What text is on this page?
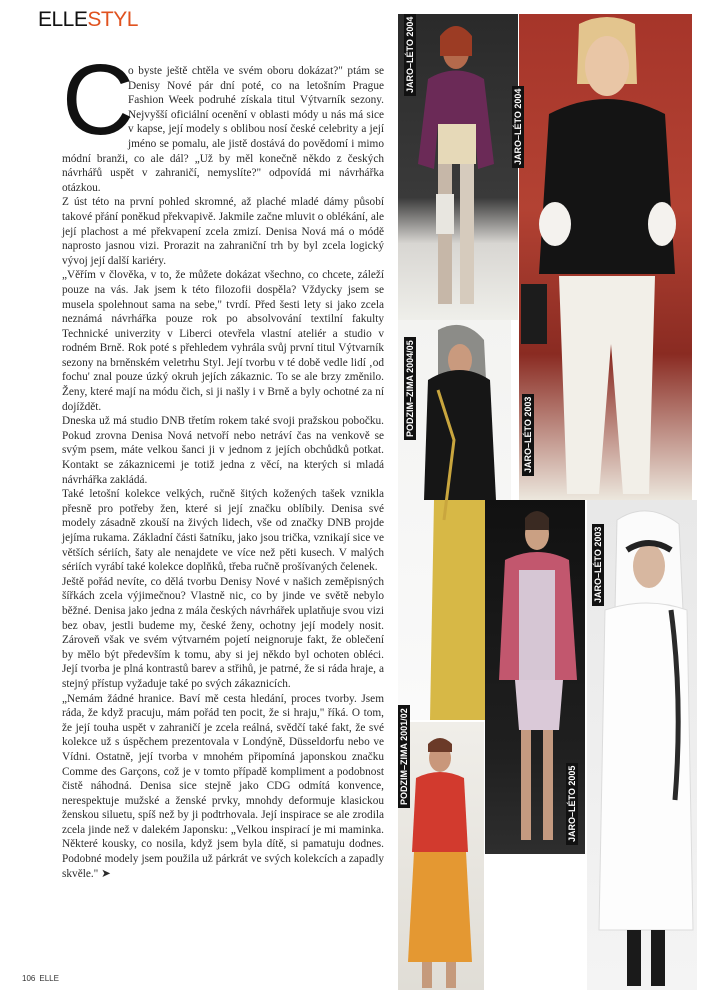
ELLESTYL
C

o byste ještě chtěla ve svém oboru dokázat?" ptám se Denisy Nové pár dní poté, co na letošním Prague Fashion Week podruhé získala titul Výtvarník sezony. Nejvyšší oficiální ocenění v oblasti módy u nás má sice v kapse, její modely s oblibou nosí české celebrity a její jméno se pomalu, ale jistě dostává do povědomí i mimo módní branži, co ale dál? „Už by měl konečně někdo z českých návrhářů uspět v zahraničí, nemyslíte?" odpovídá mi návrhářka otázkou.

Z úst této na první pohled skromné, až plaché mladé dámy působí takové přání poněkud překvapivě. Jakmile začne mluvit o oblékání, ale její plachost a mé překvapení zcela zmizí. Denisa Nová má o módě naprosto jasnou vizi. Prorazit na zahraniční trh by byl zcela logický vývoj její další kariéry.

„Věřím v člověka, v to, že můžete dokázat všechno, co chcete, záleží pouze na vás. Jak jsem k této filozofii dospěla? Vždycky jsem se musela spolehnout sama na sebe," tvrdí. Před šesti lety si jako zcela neznámá návrhářka pouze rok po absolvování textilní fakulty Technické univerzity v Liberci otevřela vlastní ateliér a studio v rodném Brně. Rok poté s přehledem vyhrála svůj první titul Výtvarník sezony na brněnském veletrhu Styl. Její tvorbu v té době vedle lidí ‚od fochu' znal pouze úzký okruh jejích zákaznic. To se ale brzy změnilo. Ženy, které mají na módu čich, si ji našly i v Brně a byly ochotné za ní dojíždět.

Dneska už má studio DNB třetím rokem také svoji pražskou pobočku. Pokud zrovna Denisa Nová netvoří nebo netráví čas na venkově se svým psem, máte velkou šanci ji v jednom z jejích obchůdků potkat. Kontakt se zákaznicemi je totiž jedna z věcí, na kterých si mladá návrhářka zakládá.

Také letošní kolekce velkých, ručně šitých kožených tašek vznikla přesně pro potřeby žen, které si její značku oblíbily. Denisa své modely zásadně zkouší na živých lidech, vše od značky DNB projde jejíma rukama. Základní části šatníku, jako jsou trička, vznikají sice ve větších sériích, šaty ale nenajdete ve více než pěti kusech. V malých sériích vyrábí také kolekce doplňků, třeba ručně prošívaných čelenek.

Ještě pořád nevíte, co dělá tvorbu Denisy Nové v našich zeměpisných šířkách zcela výjimečnou? Vlastně nic, co by jinde ve světě nebylo běžné. Denisa jako jedna z mála českých návrhářek uplatňuje svou vizi bez obav, jestli budeme my, české ženy, ochotny její modely nosit. Zároveň však ve svém výtvarném pojetí neignoruje fakt, že oblečení by mělo být především k tomu, aby si jej někdo byl ochoten obléci. Její tvorba je plná kontrastů barev a střihů, je patrné, že si ráda hraje, a stejný přístup vyžaduje také po svých zákaznicích.

„Nemám žádné hranice. Baví mě cesta hledání, proces tvorby. Jsem ráda, že když pracuju, mám pořád ten pocit, že si hraju," říká. O tom, že její touha uspět v zahraničí je zcela reálná, svědčí také fakt, že své kolekce už s úspěchem prezentovala v Londýně, Düsseldorfu nebo ve Vídni. Ostatně, její tvorba v mnohém připomíná japonskou značku Comme des Garçons, což je v tomto případě kompliment a podobnost čistě náhodná. Denisa sice stejně jako CDG odmítá konvence, nerespektuje mužské a ženské prvky, mnohdy deformuje klasickou ženskou siluetu, spíš než by ji podtrhovala. Její inspirace se ale zrodila zcela jinde než v dalekém Japonsku: „Velkou inspirací je mi maminka. Některé kousky, co nosila, když jsem byla dítě, si pamatuju dodnes. Podobné modely jsem použila už párkrát ve svých kolekcích a zapadly skvěle." ➤

106 ELLE
JARO–LÉTO 2004
JARO–LÉTO 2004
PODZIM–ZIMA 2004/05	JARO–LÉTO 2003
JARO–LÉTO 2003
PODZIM–ZIMA 2001/02	JARO–LÉTO 2005
